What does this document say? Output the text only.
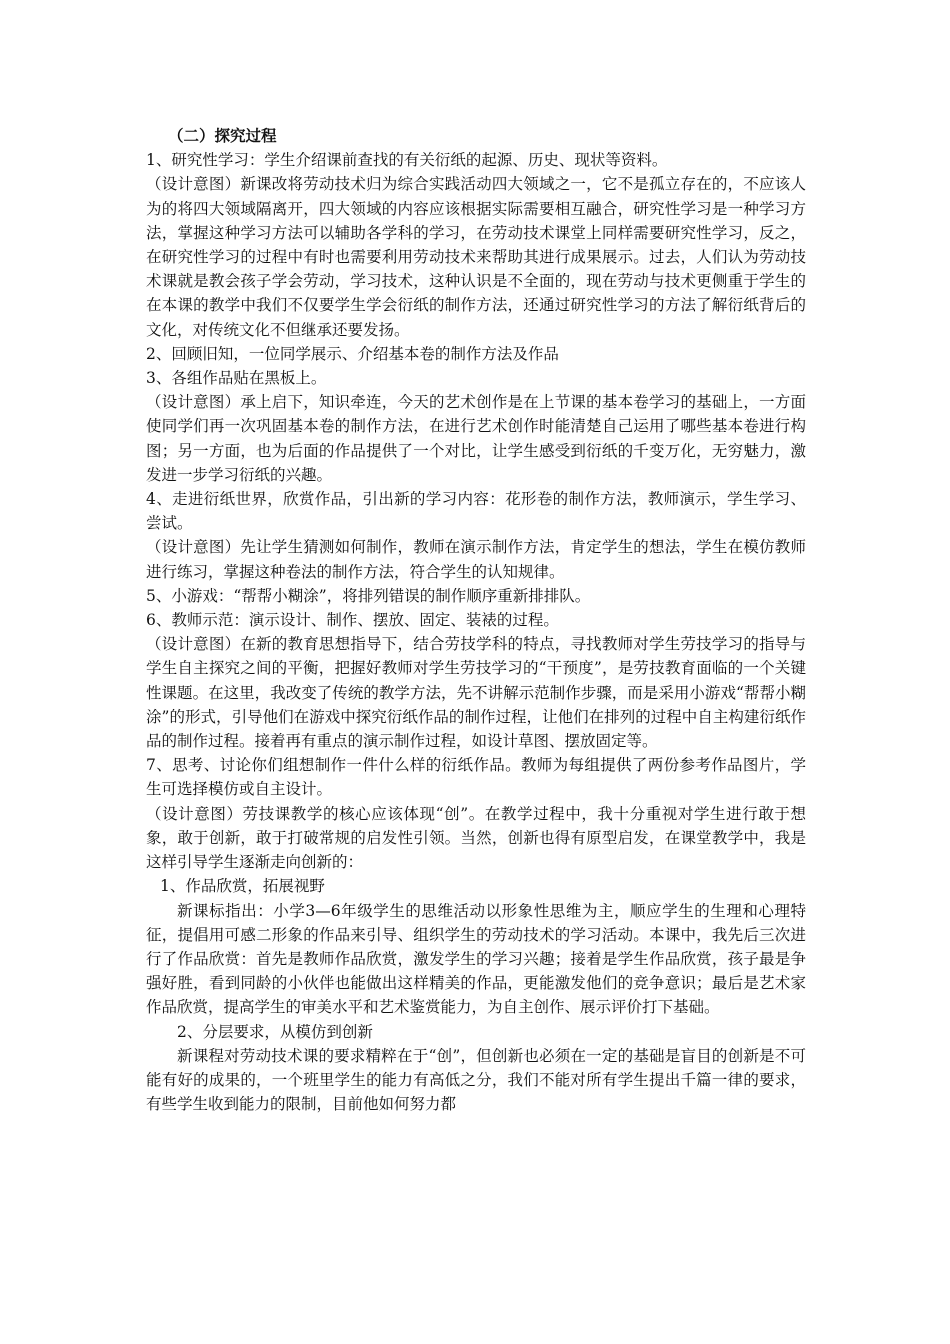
（二）探究过程

1、研究性学习：学生介绍课前查找的有关衍纸的起源、历史、现状等资料。

（设计意图）新课改将劳动技术归为综合实践活动四大领域之一，它不是孤立存在的，不应该人为的将四大领域隔离开，四大领域的内容应该根据实际需要相互融合，研究性学习是一种学习方法，掌握这种学习方法可以辅助各学科的学习，在劳动技术课堂上同样需要研究性学习，反之，在研究性学习的过程中有时也需要利用劳动技术来帮助其进行成果展示。过去，人们认为劳动技术课就是教会孩子学会劳动，学习技术，这种认识是不全面的，现在劳动与技术更侧重于学生的在本课的教学中我们不仅要学生学会衍纸的制作方法，还通过研究性学习的方法了解衍纸背后的文化，对传统文化不但继承还要发扬。

2、回顾旧知，一位同学展示、介绍基本卷的制作方法及作品

3、各组作品贴在黑板上。

（设计意图）承上启下，知识牵连，今天的艺术创作是在上节课的基本卷学习的基础上，一方面使同学们再一次巩固基本卷的制作方法，在进行艺术创作时能清楚自己运用了哪些基本卷进行构图；另一方面，也为后面的作品提供了一个对比，让学生感受到衍纸的千变万化，无穷魅力，激发进一步学习衍纸的兴趣。

4、走进衍纸世界，欣赏作品，引出新的学习内容：花形卷的制作方法，教师演示，学生学习、尝试。

（设计意图）先让学生猜测如何制作，教师在演示制作方法，肯定学生的想法，学生在模仿教师进行练习，掌握这种卷法的制作方法，符合学生的认知规律。

5、小游戏：“帮帮小糊涂”，将排列错误的制作顺序重新排排队。

6、教师示范：演示设计、制作、摆放、固定、装裱的过程。

（设计意图）在新的教育思想指导下，结合劳技学科的特点，寻找教师对学生劳技学习的指导与学生自主探究之间的平衡，把握好教师对学生劳技学习的“干预度”，是劳技教育面临的一个关键性课题。在这里，我改变了传统的教学方法，先不讲解示范制作步骤，而是采用小游戏“帮帮小糊涂”的形式，引导他们在游戏中探究衍纸作品的制作过程，让他们在排列的过程中自主构建衍纸作品的制作过程。接着再有重点的演示制作过程，如设计草图、摆放固定等。

7、思考、讨论你们组想制作一件什么样的衍纸作品。教师为每组提供了两份参考作品图片，学生可选择模仿或自主设计。

（设计意图）劳技课教学的核心应该体现“创”。在教学过程中，我十分重视对学生进行敢于想象，敢于创新，敢于打破常规的启发性引领。当然，创新也得有原型启发，在课堂教学中，我是这样引导学生逐渐走向创新的：

1、作品欣赏，拓展视野

新课标指出：小学3—6年级学生的思维活动以形象性思维为主，顺应学生的生理和心理特征，提倡用可感二形象的作品来引导、组织学生的劳动技术的学习活动。本课中，我先后三次进行了作品欣赏：首先是教师作品欣赏，激发学生的学习兴趣；接着是学生作品欣赏，孩子最是争强好胜，看到同龄的小伙伴也能做出这样精美的作品，更能激发他们的竞争意识；最后是艺术家作品欣赏，提高学生的审美水平和艺术鉴赏能力，为自主创作、展示评价打下基础。

2、分层要求，从模仿到创新

新课程对劳动技术课的要求精粹在于“创”，但创新也必须在一定的基础是盲目的创新是不可能有好的成果的，一个班里学生的能力有高低之分，我们不能对所有学生提出千篇一律的要求，有些学生收到能力的限制，目前他如何努力都
